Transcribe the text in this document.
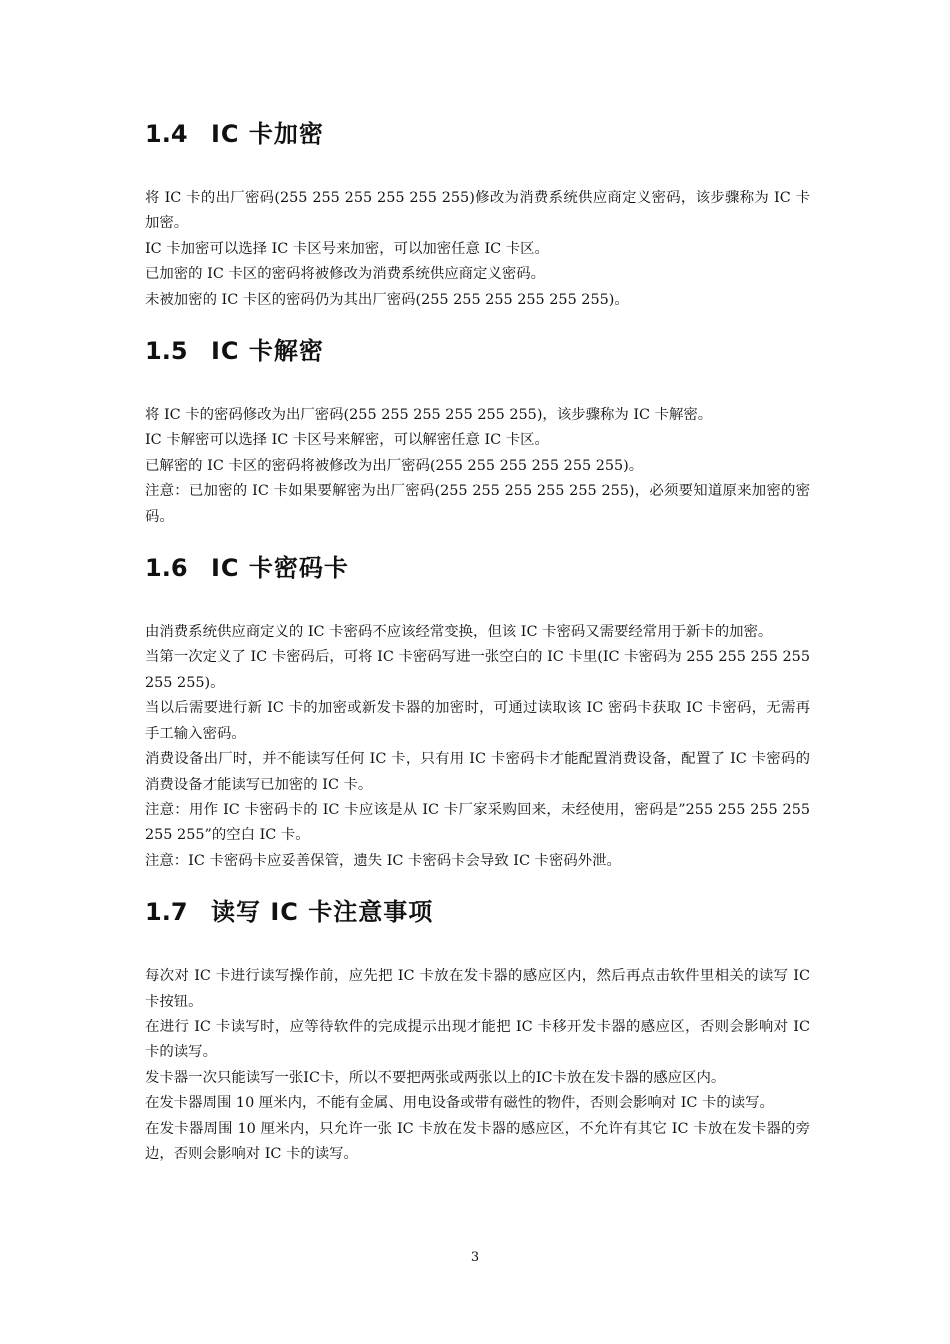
1.4 IC 卡加密

将 IC 卡的出厂密码(255 255 255 255 255 255)修改为消费系统供应商定义密码，该步骤称为 IC 卡加密。

IC 卡加密可以选择 IC 卡区号来加密，可以加密任意 IC 卡区。

已加密的 IC 卡区的密码将被修改为消费系统供应商定义密码。

未被加密的 IC 卡区的密码仍为其出厂密码(255 255 255 255 255 255)。

1.5 IC 卡解密

将 IC 卡的密码修改为出厂密码(255 255 255 255 255 255)，该步骤称为 IC 卡解密。

IC 卡解密可以选择 IC 卡区号来解密，可以解密任意 IC 卡区。

已解密的 IC 卡区的密码将被修改为出厂密码(255 255 255 255 255 255)。

注意：已加密的 IC 卡如果要解密为出厂密码(255 255 255 255 255 255)，必须要知道原来加密的密码。

1.6 IC 卡密码卡

由消费系统供应商定义的 IC 卡密码不应该经常变换，但该 IC 卡密码又需要经常用于新卡的加密。

当第一次定义了 IC 卡密码后，可将 IC 卡密码写进一张空白的 IC 卡里(IC 卡密码为 255 255 255 255 255 255)。

当以后需要进行新 IC 卡的加密或新发卡器的加密时，可通过读取该 IC 密码卡获取 IC 卡密码，无需再手工输入密码。

消费设备出厂时，并不能读写任何 IC 卡，只有用 IC 卡密码卡才能配置消费设备，配置了 IC 卡密码的消费设备才能读写已加密的 IC 卡。

注意：用作 IC 卡密码卡的 IC 卡应该是从 IC 卡厂家采购回来，未经使用，密码是”255 255 255 255 255 255”的空白 IC 卡。

注意：IC 卡密码卡应妥善保管，遗失 IC 卡密码卡会导致 IC 卡密码外泄。

1.7 读写 IC 卡注意事项

每次对 IC 卡进行读写操作前，应先把 IC 卡放在发卡器的感应区内，然后再点击软件里相关的读写 IC 卡按钮。

在进行 IC 卡读写时，应等待软件的完成提示出现才能把 IC 卡移开发卡器的感应区，否则会影响对 IC 卡的读写。

发卡器一次只能读写一张IC卡，所以不要把两张或两张以上的IC卡放在发卡器的感应区内。

在发卡器周围 10 厘米内，不能有金属、用电设备或带有磁性的物件，否则会影响对 IC 卡的读写。

在发卡器周围 10 厘米内，只允许一张 IC 卡放在发卡器的感应区，不允许有其它 IC 卡放在发卡器的旁边，否则会影响对 IC 卡的读写。

3
